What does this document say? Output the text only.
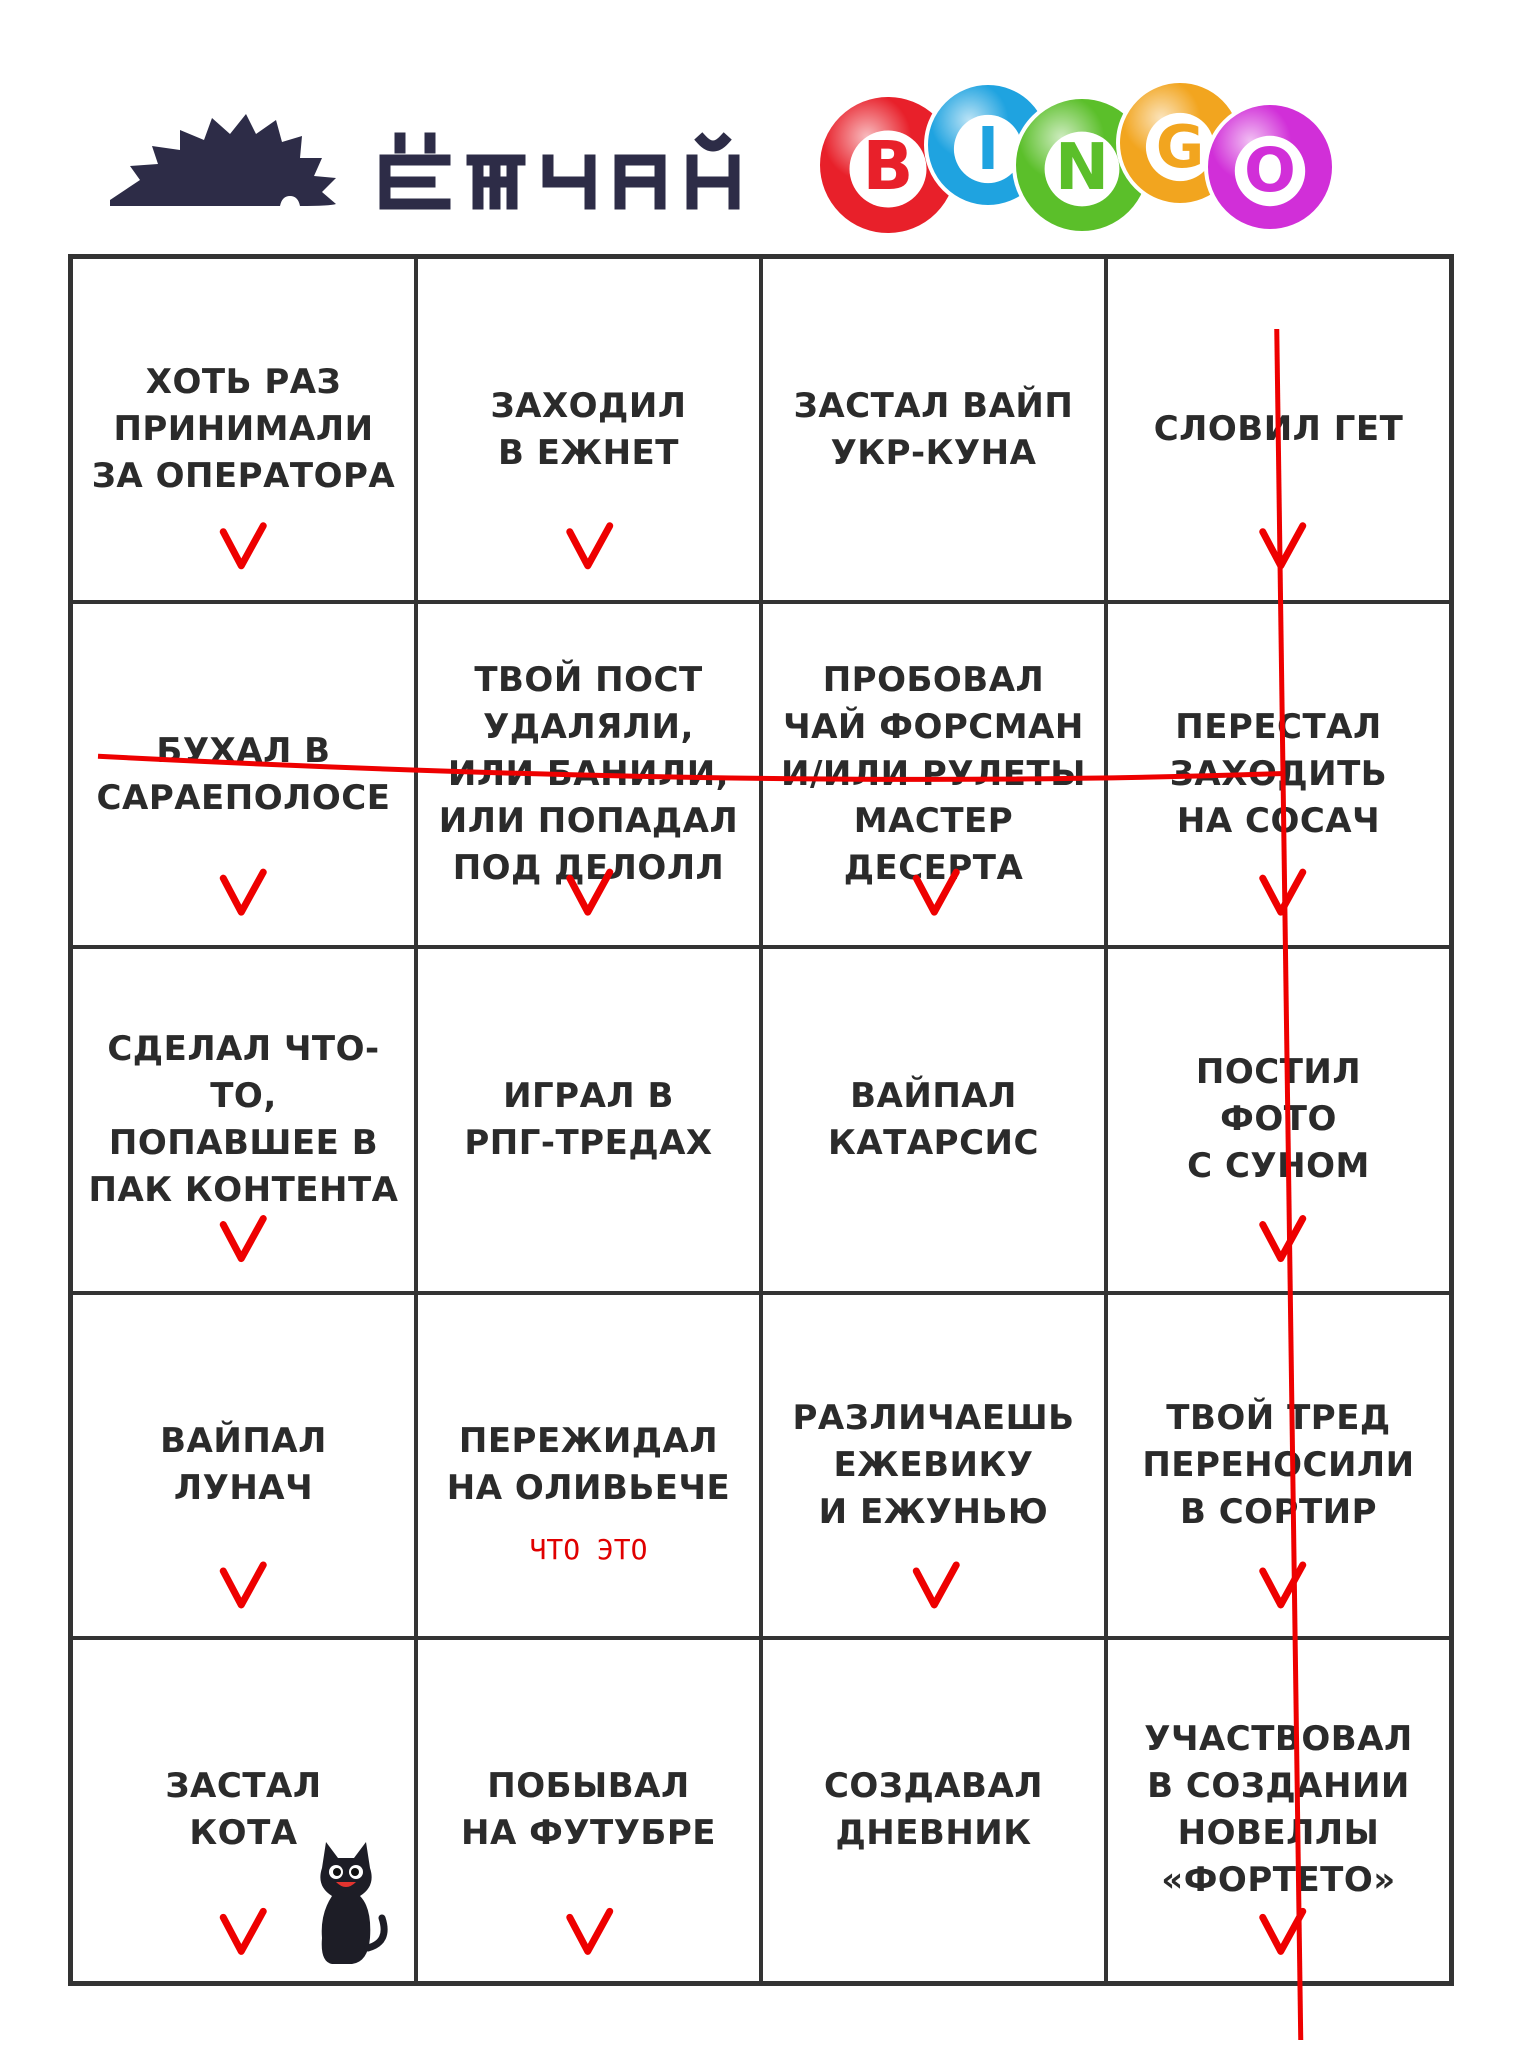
B I N G O
ХОТЬ РАЗ
ПРИНИМАЛИ
ЗА ОПЕРАТОРА
ЗАХОДИЛ
В ЕЖНЕТ
ЗАСТАЛ ВАЙП
УКР-КУНА
СЛОВИЛ ГЕТ
БУХАЛ В
САРАЕПОЛОСЕ
ТВОЙ ПОСТ
УДАЛЯЛИ,
ИЛИ БАНИЛИ,
ИЛИ ПОПАДАЛ
ПОД ДЕЛОЛЛ
ПРОБОВАЛ
ЧАЙ ФОРСМАН
И/ИЛИ РУЛЕТЫ
МАСТЕР
ДЕСЕРТА
ПЕРЕСТАЛ
ЗАХОДИТЬ
НА СОСАЧ
СДЕЛАЛ ЧТО-ТО,
ПОПАВШЕЕ В
ПАК КОНТЕНТА
ИГРАЛ В
РПГ-ТРЕДАХ
ВАЙПАЛ
КАТАРСИС
ПОСТИЛ
ФОТО
С СУНОМ
ВАЙПАЛ
ЛУНАЧ
ПЕРЕЖИДАЛ
НА ОЛИВЬЕЧЕ
ЧТО ЭТО
РАЗЛИЧАЕШЬ
ЕЖЕВИКУ
И ЕЖУНЬЮ
ТВОЙ ТРЕД
ПЕРЕНОСИЛИ
В СОРТИР
ЗАСТАЛ
КОТА
ПОБЫВАЛ
НА ФУТУБРЕ
СОЗДАВАЛ
ДНЕВНИК
УЧАСТВОВАЛ
В СОЗДАНИИ
НОВЕЛЛЫ
«ФОРТЕТО»
